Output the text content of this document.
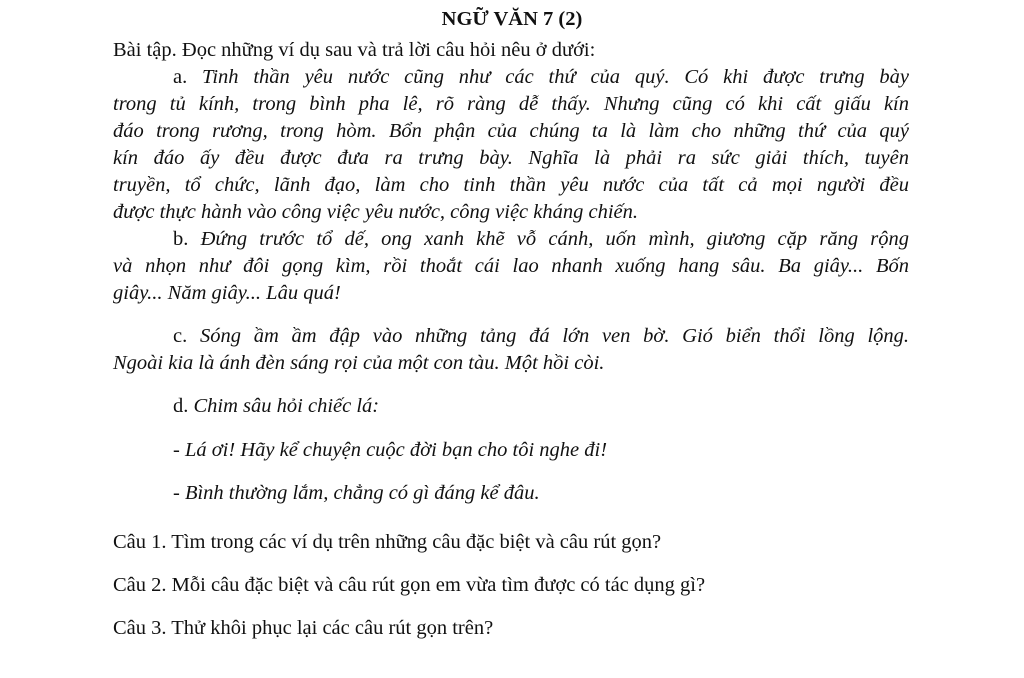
NGỮ VĂN 7 (2)
Bài tập. Đọc những ví dụ sau và trả lời câu hỏi nêu ở dưới:
a. Tinh thần yêu nước cũng như các thứ của quý. Có khi được trưng bày
trong tủ kính, trong bình pha lê, rõ ràng dễ thấy. Nhưng cũng có khi cất giấu kín
đáo trong rương, trong hòm. Bổn phận của chúng ta là làm cho những thứ của quý
kín đáo ấy đều được đưa ra trưng bày. Nghĩa là phải ra sức giải thích, tuyên
truyền, tổ chức, lãnh đạo, làm cho tinh thần yêu nước của tất cả mọi người đều
được thực hành vào công việc yêu nước, công việc kháng chiến.
b. Đứng trước tổ dế, ong xanh khẽ vỗ cánh, uốn mình, giương cặp răng rộng
và nhọn như đôi gọng kìm, rồi thoắt cái lao nhanh xuống hang sâu. Ba giây... Bốn
giây... Năm giây... Lâu quá!
c. Sóng ầm ầm đập vào những tảng đá lớn ven bờ. Gió biển thổi lồng lộng.
Ngoài kia là ánh đèn sáng rọi của một con tàu. Một hồi còi.
d. Chim sâu hỏi chiếc lá:
- Lá ơi! Hãy kể chuyện cuộc đời bạn cho tôi nghe đi!
- Bình thường lắm, chẳng có gì đáng kể đâu.
Câu 1. Tìm trong các ví dụ trên những câu đặc biệt và câu rút gọn?
Câu 2. Mỗi câu đặc biệt và câu rút gọn em vừa tìm được có tác dụng gì?
Câu 3. Thử khôi phục lại các câu rút gọn trên?
